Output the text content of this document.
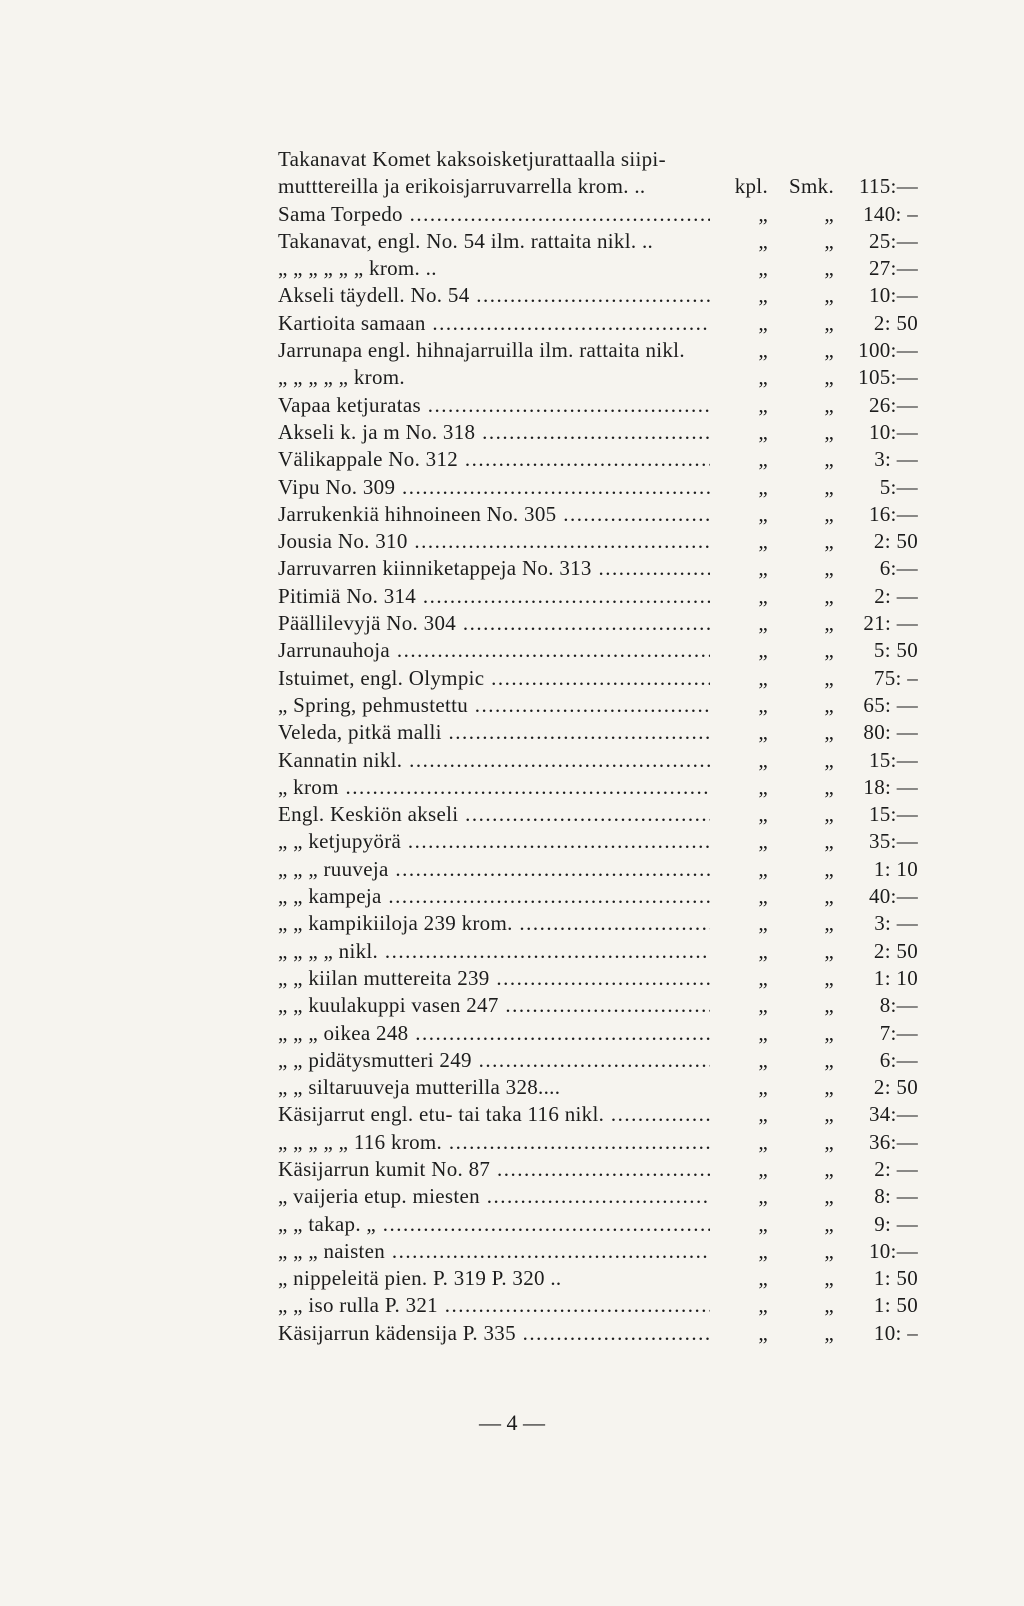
Takanavat Komet kaksoisketjurattaalla siipi-
mutttereilla ja erikoisjarruvarrella krom. ..	kpl.	Smk.	115:—
Sama Torpedo .....	„	„	140: –
Takanavat, engl. No. 54 ilm. rattaita nikl. ..	„	„	25:—
„ „ „ „ „ „ krom. ..	„	„	27:—
Akseli täydell. No. 54 .....	„	„	10:—
Kartioita samaan .....	„	„	2: 50
Jarrunapa engl. hihnajarruilla ilm. rattaita nikl.	„	„	100:—
„ „ „ „ „ krom.	„	„	105:—
Vapaa ketjuratas .....	„	„	26:—
Akseli k. ja m No. 318 .....	„	„	10:—
Välikappale No. 312 .....	„	„	3: —
Vipu No. 309 .....	„	„	5:—
Jarrukenkiä hihnoineen No. 305 .....	„	„	16:—
Jousia No. 310 .....	„	„	2: 50
Jarruvarren kiinniketappeja No. 313 .....	„	„	6:—
Pitimiä No. 314 .....	„	„	2: —
Päällilevyjä No. 304 .....	„	„	21: —
Jarrunauhoja .....	„	„	5: 50
Istuimet, engl. Olympic .....	„	„	75: –
„ Spring, pehmustettu .....	„	„	65: —
Veleda, pitkä malli .....	„	„	80: —
Kannatin nikl. .....	„	„	15:—
„ krom .....	„	„	18: —
Engl. Keskiön akseli .....	„	„	15:—
„ „ ketjupyörä .....	„	„	35:—
„ „ „ ruuveja .....	„	„	1: 10
„ „ kampeja .....	„	„	40:—
„ „ kampikiiloja 239 krom. .....	„	„	3: —
„ „ „ „ nikl. .....	„	„	2: 50
„ „ kiilan muttereita 239 .....	„	„	1: 10
„ „ kuulakuppi vasen 247 .....	„	„	8:—
„ „ „ oikea 248 .....	„	„	7:—
„ „ pidätysmutteri 249 .....	„	„	6:—
„ „ siltaruuveja mutterilla 328....	„	„	2: 50
Käsijarrut engl. etu- tai taka 116 nikl. .....	„	„	34:—
„ „ „ „ „ 116 krom. .....	„	„	36:—
Käsijarrun kumit No. 87 .....	„	„	2: —
„ vaijeria etup. miesten .....	„	„	8: —
„ „ takap. „ .....	„	„	9: —
„ „ „ naisten .....	„	„	10:—
„ nippeleitä pien. P. 319 P. 320 ..	„	„	1: 50
„ „ iso rulla P. 321 .....	„	„	1: 50
Käsijarrun kädensija P. 335 .....	„	„	10: –
— 4 —
